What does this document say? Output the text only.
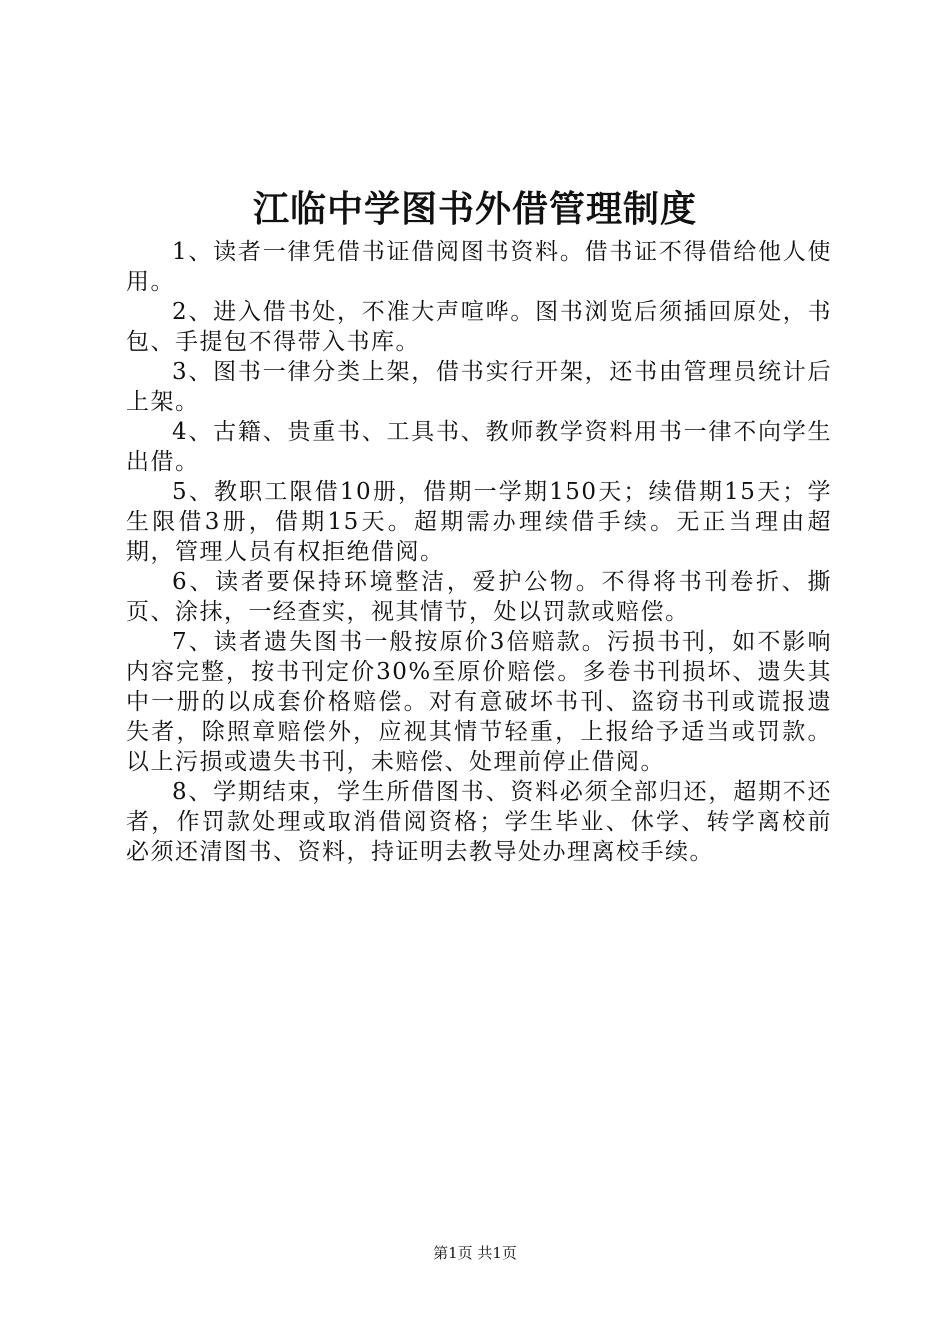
江临中学图书外借管理制度

1、读者一律凭借书证借阅图书资料。借书证不得借给他人使用。

2、进入借书处，不准大声喧哗。图书浏览后须插回原处，书包、手提包不得带入书库。

3、图书一律分类上架，借书实行开架，还书由管理员统计后上架。

4、古籍、贵重书、工具书、教师教学资料用书一律不向学生出借。

5、教职工限借10册，借期一学期150天；续借期15天；学生限借3册，借期15天。超期需办理续借手续。无正当理由超期，管理人员有权拒绝借阅。

6、读者要保持环境整洁，爱护公物。不得将书刊卷折、撕页、涂抹，一经查实，视其情节，处以罚款或赔偿。

7、读者遗失图书一般按原价3倍赔款。污损书刊，如不影响内容完整，按书刊定价30%至原价赔偿。多卷书刊损坏、遗失其中一册的以成套价格赔偿。对有意破坏书刊、盗窃书刊或谎报遗失者，除照章赔偿外，应视其情节轻重，上报给予适当或罚款。以上污损或遗失书刊，未赔偿、处理前停止借阅。

8、学期结束，学生所借图书、资料必须全部归还，超期不还者，作罚款处理或取消借阅资格；学生毕业、休学、转学离校前必须还清图书、资料，持证明去教导处办理离校手续。

第1页 共1页
